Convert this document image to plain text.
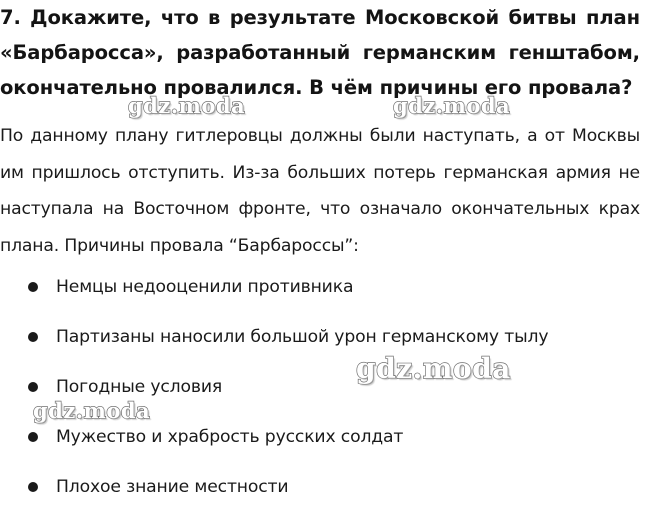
7. Докажите, что в результате Московской битвы план «Барбаросса», разработанный германским генштабом, окончательно провалился. В чём причины его провала?

По данному плану гитлеровцы должны были наступать, а от Москвы им пришлось отступить. Из-за больших потерь германская армия не наступала на Восточном фронте, что означало окончательных крах плана. Причины провала “Барбароссы”:

Немцы недооценили противника
Партизаны наносили большой урон германскому тылу
Погодные условия
Мужество и храбрость русских солдат
Плохое знание местности
gdz.moda	gdz.moda
gdz.moda
gdz.moda
